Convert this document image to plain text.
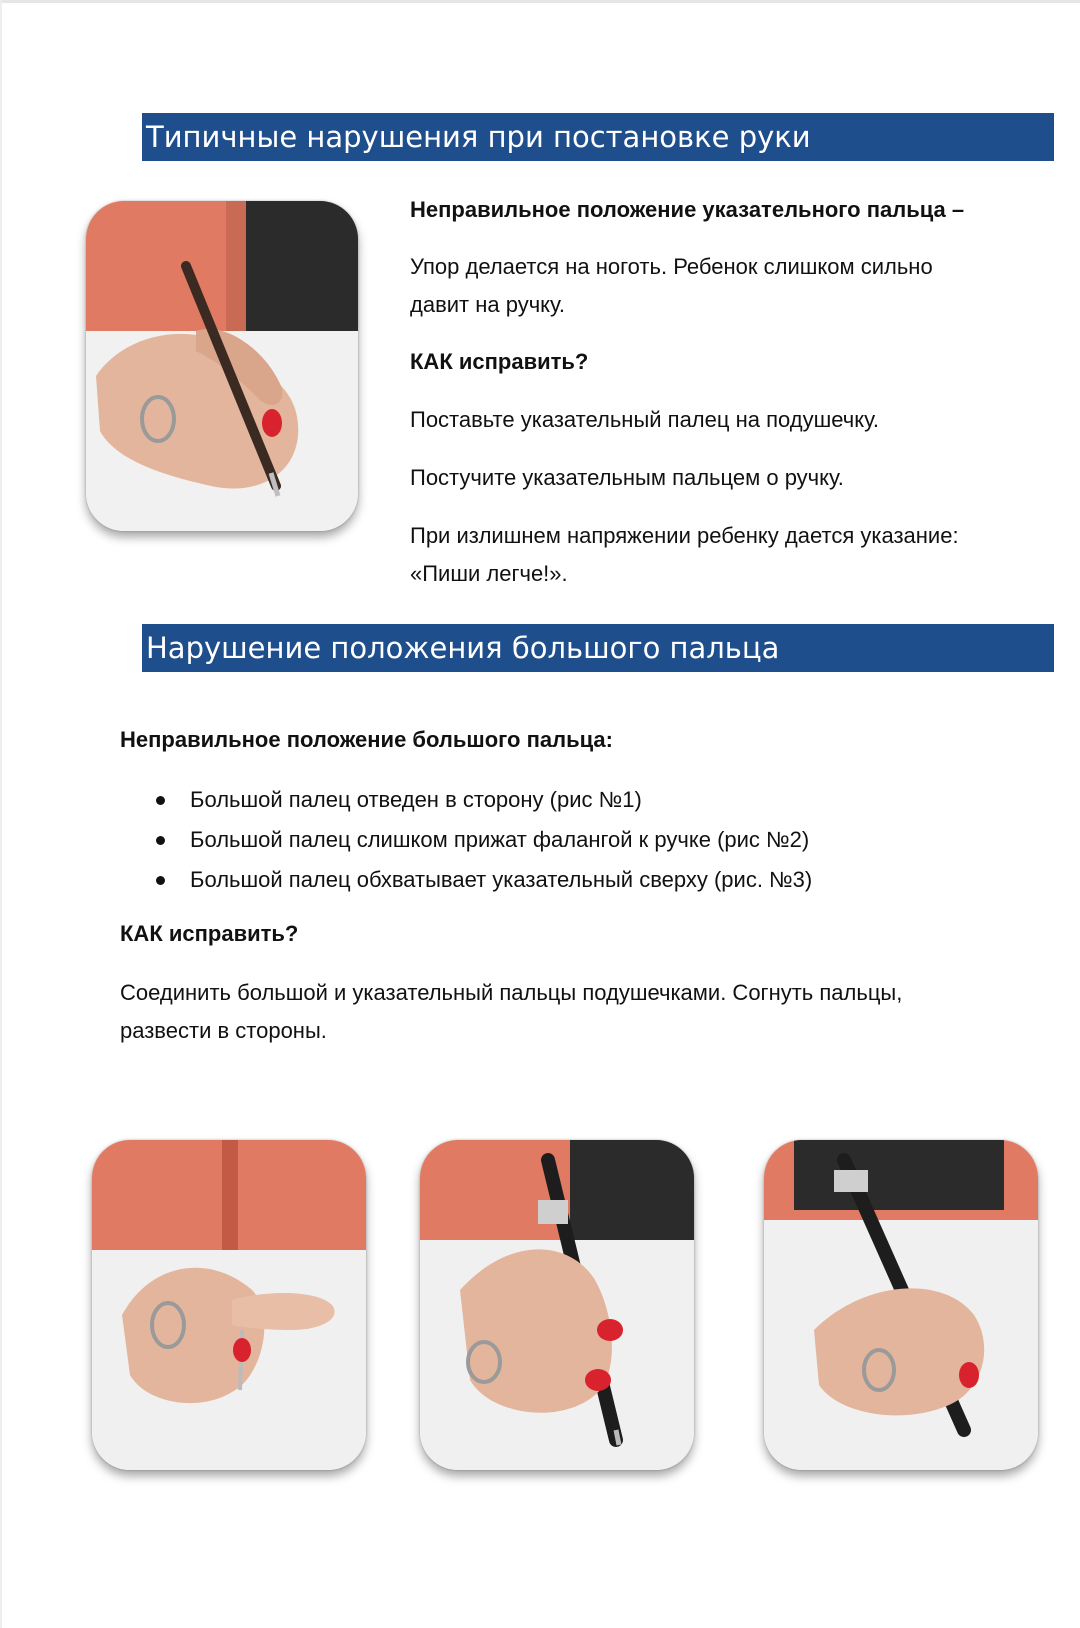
Типичные нарушения при постановке руки
Неправильное положение указательного пальца –
Упор делается на ноготь. Ребенок слишком сильно
давит на ручку.
КАК исправить?
Поставьте указательный палец на подушечку.
Постучите указательным пальцем о ручку.
При излишнем напряжении ребенку дается указание:
«Пиши легче!».
Нарушение положения большого пальца
Неправильное положение большого пальца:
Большой палец отведен в сторону (рис №1)
Большой палец слишком прижат фалангой к ручке (рис №2)
Большой палец обхватывает указательный сверху (рис. №3)
КАК исправить?
Соединить большой и указательный пальцы подушечками. Согнуть пальцы,
развести в стороны.
